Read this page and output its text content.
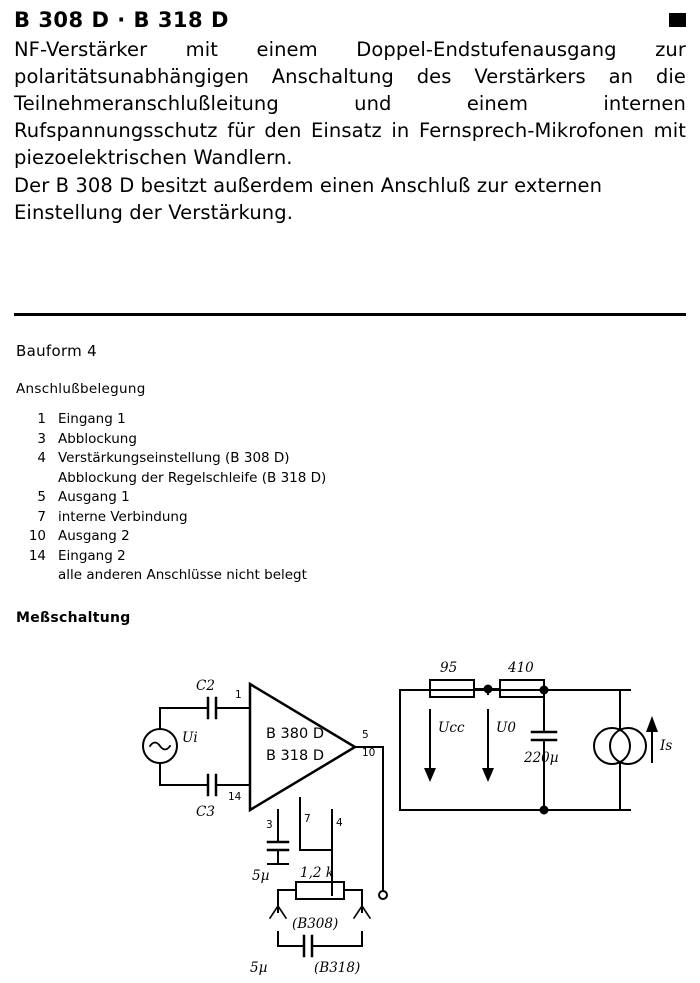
B 308 D · B 318 D

NF-Verstärker mit einem Doppel-Endstufenausgang zur polaritätsunabhängigen Anschaltung des Verstärkers an die Teilnehmeranschlußleitung und einem internen Rufspannungsschutz für den Einsatz in Fernsprech-Mikrofonen mit piezoelektrischen Wandlern.

Der B 308 D besitzt außerdem einen Anschluß zur externen Einstellung der Verstärkung.

Bauform 4
Anschlußbelegung
1 Eingang 1
3 Abblockung
4 Verstärkungseinstellung (B 308 D)
Abblockung der Regelschleife (B 318 D)
5 Ausgang 1
7 interne Verbindung
10 Ausgang 2
14 Eingang 2
alle anderen Anschlüsse nicht belegt
Meßschaltung
C2
C3
1
14
Ui	B 380 D
B 318 D
3	7 4
5
10
5µ 1,2 k
(B308)
5µ	(B318)
95	410
Ucc U0
220µ
Is
